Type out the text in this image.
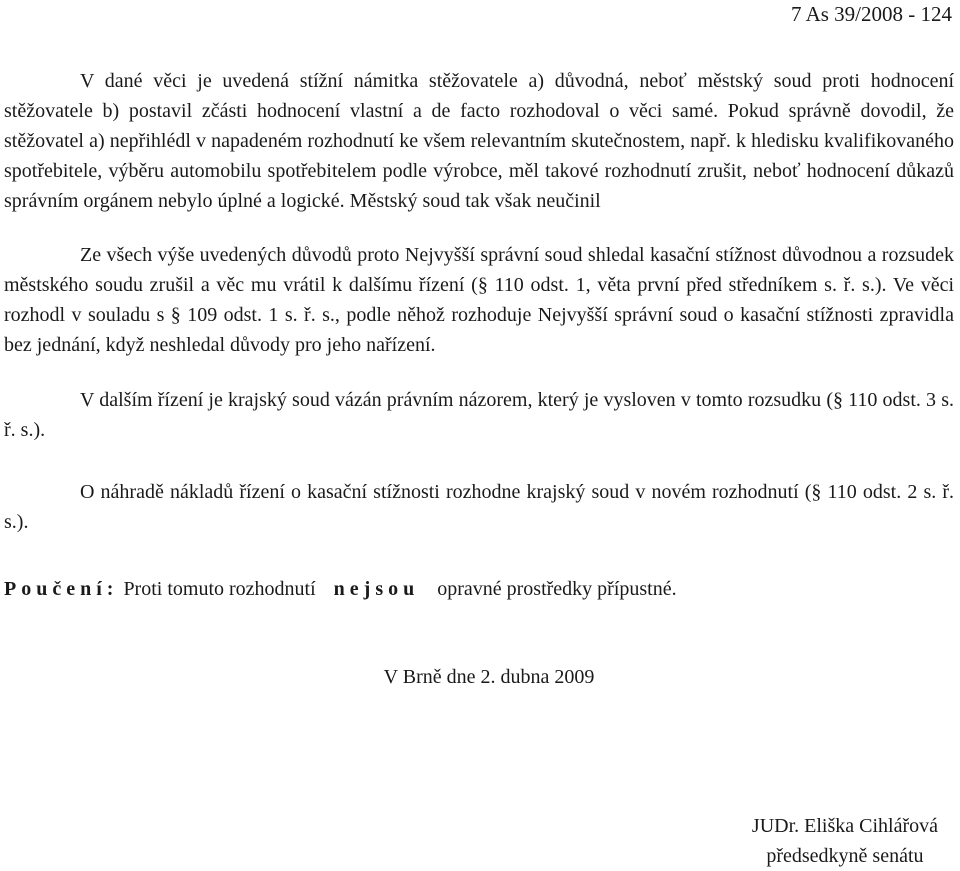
7 As 39/2008 - 124

V dané věci je uvedená stížní námitka stěžovatele a) důvodná, neboť městský soud proti hodnocení stěžovatele b) postavil zčásti hodnocení vlastní a de facto rozhodoval o věci samé. Pokud správně dovodil, že stěžovatel a) nepřihlédl v napadeném rozhodnutí ke všem relevantním skutečnostem, např. k hledisku kvalifikovaného spotřebitele, výběru automobilu spotřebitelem podle výrobce, měl takové rozhodnutí zrušit, neboť hodnocení důkazů správním orgánem nebylo úplné a logické. Městský soud tak však neučinil

Ze všech výše uvedených důvodů proto Nejvyšší správní soud shledal kasační stížnost důvodnou a rozsudek městského soudu zrušil a věc mu vrátil k dalšímu řízení (§ 110 odst. 1, věta první před středníkem s. ř. s.). Ve věci rozhodl v souladu s § 109 odst. 1 s. ř. s., podle něhož rozhoduje Nejvyšší správní soud o kasační stížnosti zpravidla bez jednání, když neshledal důvody pro jeho nařízení.

V dalším řízení je krajský soud vázán právním názorem, který je vysloven v tomto rozsudku (§ 110 odst. 3 s. ř. s.).

O náhradě nákladů řízení o kasační stížnosti rozhodne krajský soud v novém rozhodnutí (§ 110 odst. 2 s. ř. s.).

Poučení: Proti tomuto rozhodnutí nejsou opravné prostředky přípustné.

V Brně dne 2. dubna 2009

JUDr. Eliška Cihlářová
předsedkyně senátu
